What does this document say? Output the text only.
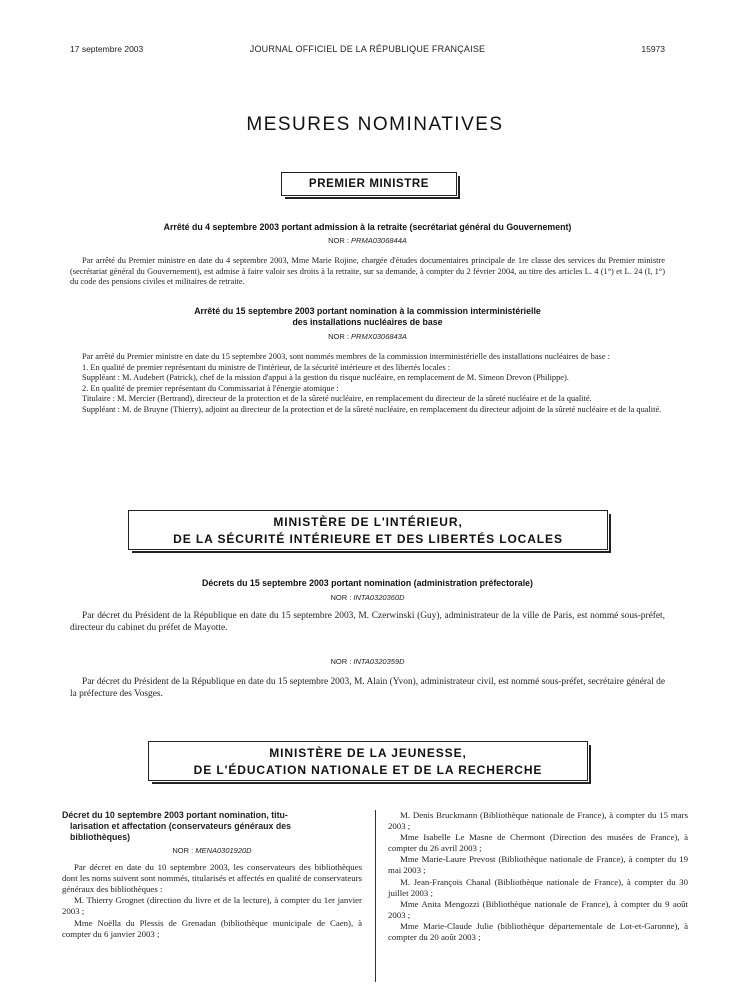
17 septembre 2003	JOURNAL OFFICIEL DE LA RÉPUBLIQUE FRANÇAISE	15973
MESURES NOMINATIVES
PREMIER MINISTRE
Arrêté du 4 septembre 2003 portant admission à la retraite (secrétariat général du Gouvernement)
NOR : PRMA0306844A

Par arrêté du Premier ministre en date du 4 septembre 2003, Mme Marie Rojine, chargée d'études documentaires principale de 1re classe des services du Premier ministre (secrétariat général du Gouvernement), est admise à faire valoir ses droits à la retraite, sur sa demande, à compter du 2 février 2004, au titre des articles L. 4 (1°) et L. 24 (I, 1°) du code des pensions civiles et militaires de retraite.

Arrêté du 15 septembre 2003 portant nomination à la commission interministérielle
des installations nucléaires de base
NOR : PRMX0306843A

Par arrêté du Premier ministre en date du 15 septembre 2003, sont nommés membres de la commission interministérielle des installations nucléaires de base :

1. En qualité de premier représentant du ministre de l'intérieur, de la sécurité intérieure et des libertés locales :

Suppléant : M. Audebert (Patrick), chef de la mission d'appui à la gestion du risque nucléaire, en remplacement de M. Simeon Drevon (Philippe).

2. En qualité de premier représentant du Commissariat à l'énergie atomique :

Titulaire : M. Mercier (Bertrand), directeur de la protection et de la sûreté nucléaire, en remplacement du directeur de la sûreté nucléaire et de la qualité.

Suppléant : M. de Bruyne (Thierry), adjoint au directeur de la protection et de la sûreté nucléaire, en remplacement du directeur adjoint de la sûreté nucléaire et de la qualité.

MINISTÈRE DE L'INTÉRIEUR,
DE LA SÉCURITÉ INTÉRIEURE ET DES LIBERTÉS LOCALES
Décrets du 15 septembre 2003 portant nomination (administration préfectorale)
NOR : INTA0320360D

Par décret du Président de la République en date du 15 septembre 2003, M. Czerwinski (Guy), administrateur de la ville de Paris, est nommé sous-préfet, directeur du cabinet du préfet de Mayotte.

NOR : INTA0320359D

Par décret du Président de la République en date du 15 septembre 2003, M. Alain (Yvon), administrateur civil, est nommé sous-préfet, secrétaire général de la préfecture des Vosges.

MINISTÈRE DE LA JEUNESSE,
DE L'ÉDUCATION NATIONALE ET DE LA RECHERCHE
Décret du 10 septembre 2003 portant nomination, titu-
larisation et affectation (conservateurs généraux des
bibliothèques)
NOR : MENA0301920D

Par décret en date du 10 septembre 2003, les conservateurs des bibliothèques dont les noms suivent sont nommés, titularisés et affectés en qualité de conservateurs généraux des bibliothèques :

M. Thierry Grognet (direction du livre et de la lecture), à compter du 1er janvier 2003 ;

Mme Noëlla du Plessis de Grenadan (bibliothèque municipale de Caen), à compter du 6 janvier 2003 ;

M. Denis Bruckmann (Bibliothèque nationale de France), à compter du 15 mars 2003 ;

Mme Isabelle Le Masne de Chermont (Direction des musées de France), à compter du 26 avril 2003 ;

Mme Marie-Laure Prevost (Bibliothèque nationale de France), à compter du 19 mai 2003 ;

M. Jean-François Chanal (Bibliothèque nationale de France), à compter du 30 juillet 2003 ;

Mme Anita Mengozzi (Bibliothèque nationale de France), à compter du 9 août 2003 ;

Mme Marie-Claude Julie (bibliothèque départementale de Lot-et-Garonne), à compter du 20 août 2003 ;
